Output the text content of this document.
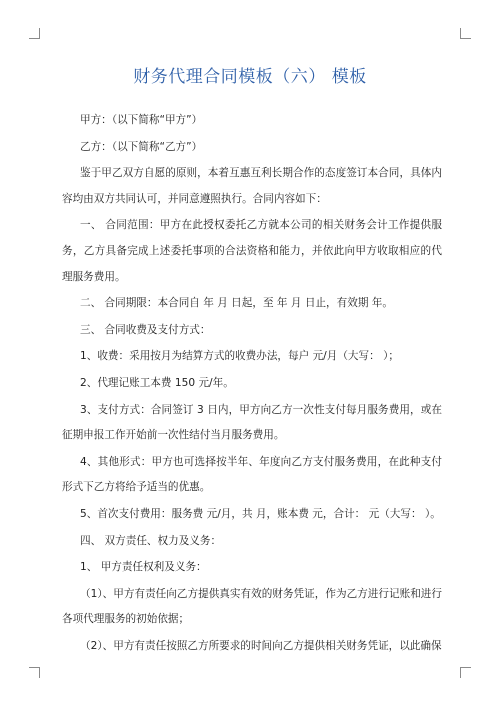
财务代理合同模板（六） 模板

甲方：（以下简称“甲方”）

乙方：（以下简称“乙方”）

鉴于甲乙双方自愿的原则，本着互惠互利长期合作的态度签订本合同，具体内容均由双方共同认可，并同意遵照执行。合同内容如下：

一、 合同范围：甲方在此授权委托乙方就本公司的相关财务会计工作提供服务，乙方具备完成上述委托事项的合法资格和能力，并依此向甲方收取相应的代理服务费用。

二、 合同期限：本合同自 年 月 日起，至 年 月 日止，有效期 年。

三、 合同收费及支付方式：

1、收费：采用按月为结算方式的收费办法，每户 元/月（大写： ）；

2、代理记账工本费 150 元/年。

3、支付方式：合同签订 3 日内，甲方向乙方一次性支付每月服务费用，或在征期申报工作开始前一次性结付当月服务费用。

4、其他形式：甲方也可选择按半年、年度向乙方支付服务费用，在此种支付形式下乙方将给予适当的优惠。

5、首次支付费用：服务费 元/月，共 月，账本费 元，合计： 元（大写： ）。

四、 双方责任、权力及义务：

1、 甲方责任权利及义务：

（1）、甲方有责任向乙方提供真实有效的财务凭证，作为乙方进行记账和进行各项代理服务的初始依据；

（2）、甲方有责任按照乙方所要求的时间向乙方提供相关财务凭证，以此确保
